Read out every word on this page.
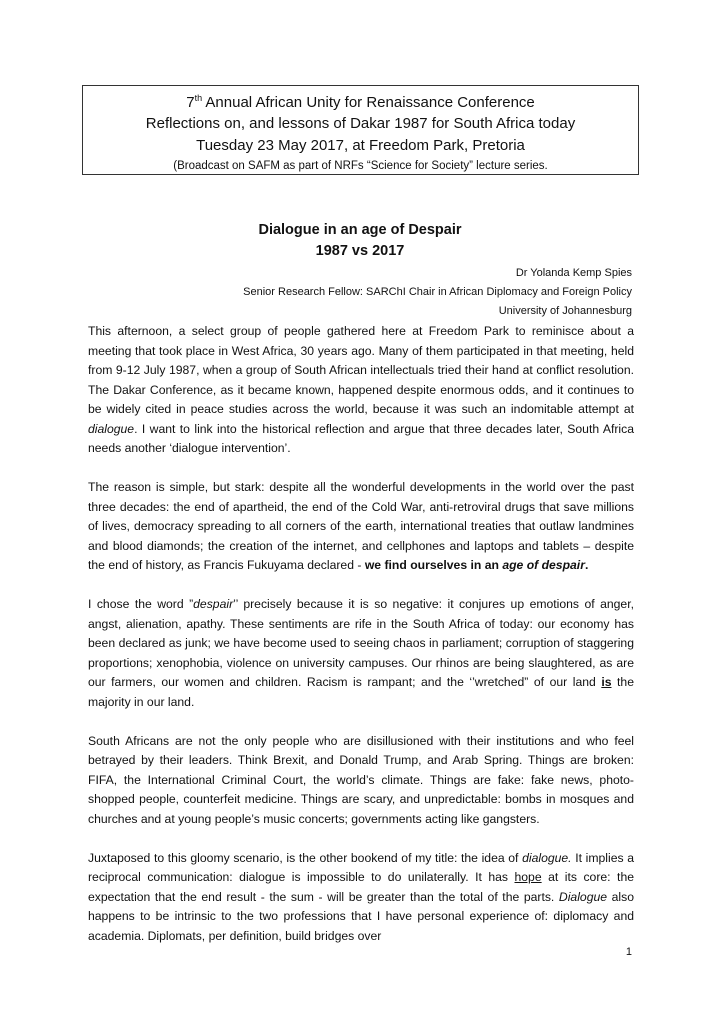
7th Annual African Unity for Renaissance Conference
Reflections on, and lessons of Dakar 1987 for South Africa today
Tuesday 23 May 2017, at Freedom Park, Pretoria
(Broadcast on SAFM as part of NRFs “Science for Society” lecture series.
Dialogue in an age of Despair
1987 vs 2017
Dr Yolanda Kemp Spies
Senior Research Fellow: SARChI Chair in African Diplomacy and Foreign Policy
University of Johannesburg

This afternoon, a select group of people gathered here at Freedom Park to reminisce about a meeting that took place in West Africa, 30 years ago. Many of them participated in that meeting, held from 9-12 July 1987, when a group of South African intellectuals tried their hand at conflict resolution. The Dakar Conference, as it became known, happened despite enormous odds, and it continues to be widely cited in peace studies across the world, because it was such an indomitable attempt at dialogue. I want to link into the historical reflection and argue that three decades later, South Africa needs another ‘dialogue intervention’.

The reason is simple, but stark: despite all the wonderful developments in the world over the past three decades: the end of apartheid, the end of the Cold War, anti-retroviral drugs that save millions of lives, democracy spreading to all corners of the earth, international treaties that outlaw landmines and blood diamonds; the creation of the internet, and cellphones and laptops and tablets – despite the end of history, as Francis Fukuyama declared - we find ourselves in an age of despair.

I chose the word ”despair’’ precisely because it is so negative: it conjures up emotions of anger, angst, alienation, apathy. These sentiments are rife in the South Africa of today: our economy has been declared as junk; we have become used to seeing chaos in parliament; corruption of staggering proportions; xenophobia, violence on university campuses. Our rhinos are being slaughtered, as are our farmers, our women and children. Racism is rampant; and the ‘’wretched” of our land is the majority in our land.

South Africans are not the only people who are disillusioned with their institutions and who feel betrayed by their leaders. Think Brexit, and Donald Trump, and Arab Spring. Things are broken: FIFA, the International Criminal Court, the world’s climate. Things are fake: fake news, photo-shopped people, counterfeit medicine. Things are scary, and unpredictable: bombs in mosques and churches and at young people’s music concerts; governments acting like gangsters.

Juxtaposed to this gloomy scenario, is the other bookend of my title: the idea of dialogue. It implies a reciprocal communication: dialogue is impossible to do unilaterally. It has hope at its core: the expectation that the end result - the sum - will be greater than the total of the parts. Dialogue also happens to be intrinsic to the two professions that I have personal experience of: diplomacy and academia. Diplomats, per definition, build bridges over

1
